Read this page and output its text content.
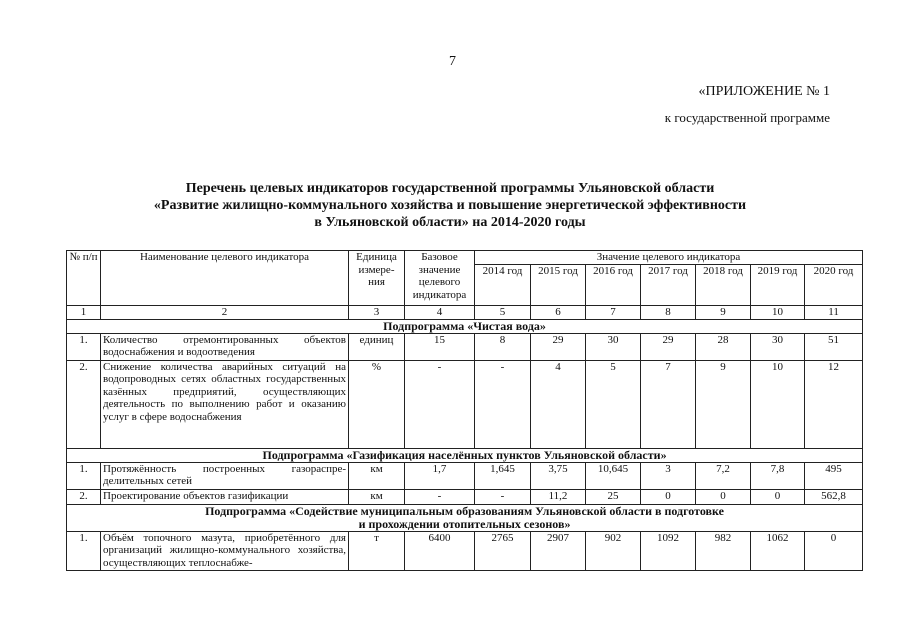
7
«ПРИЛОЖЕНИЕ № 1
к государственной программе
Перечень целевых индикаторов государственной программы Ульяновской области
«Развитие жилищно-коммунального хозяйства и повышение энергетической эффективности
в Ульяновской области» на 2014-2020 годы
№ п/п	Наименование целевого индикатора	Единица измере-ния	Базовое значение целевого индикатора	Значение целевого индикатора						
				2014 год	2015 год	2016 год	2017 год	2018 год	2019 год	2020 год
1	2	3	4	5	6	7	8	9	10	11
Подпрограмма «Чистая вода»										
1.	Количество отремонтированных объектов водоснабжения и водоотведения	единиц	15	8	29	30	29	28	30	51
2.	Снижение количества аварийных ситуаций на водопроводных сетях областных государственных казённых предприятий, осуществляющих деятельность по выполнению работ и оказанию услуг в сфере водоснабжения	%	-	-	4	5	7	9	10	12
Подпрограмма «Газификация населённых пунктов Ульяновской области»										
1.	Протяжённость построенных газораспре-делительных сетей	км	1,7	1,645	3,75	10,645	3	7,2	7,8	495
2.	Проектирование объектов газификации	км	-	-	11,2	25	0	0	0	562,8

Подпрограмма «Содействие муниципальным образованиям Ульяновской области в подготовке
и прохождении отопительных сезонов»										

1.	Объём топочного мазута, приобретённого для организаций жилищно-коммунального хозяйства, осуществляющих теплоснабже-	т	6400	2765	2907	902	1092	982	1062	0
